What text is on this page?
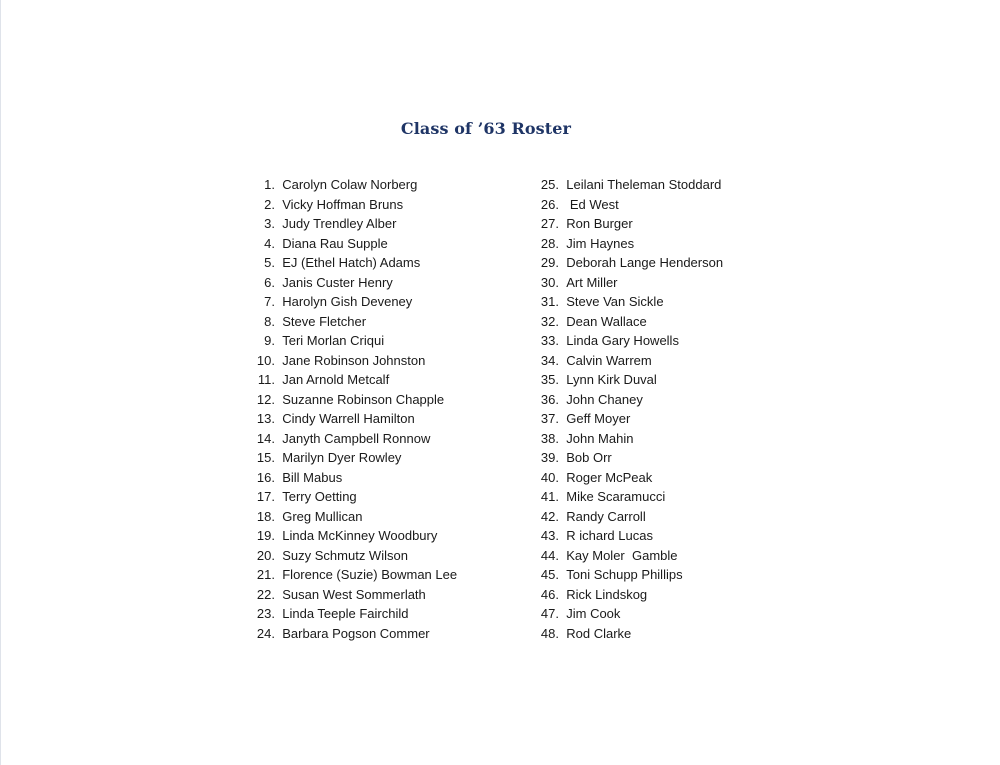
Class of ’63 Roster
1. Carolyn Colaw Norberg
2. Vicky Hoffman Bruns
3. Judy Trendley Alber
4. Diana Rau Supple
5. EJ (Ethel Hatch) Adams
6. Janis Custer Henry
7. Harolyn Gish Deveney
8. Steve Fletcher
9. Teri Morlan Criqui
10. Jane Robinson Johnston
11. Jan Arnold Metcalf
12. Suzanne Robinson Chapple
13. Cindy Warrell Hamilton
14. Janyth Campbell Ronnow
15. Marilyn Dyer Rowley
16. Bill Mabus
17. Terry Oetting
18. Greg Mullican
19. Linda McKinney Woodbury
20. Suzy Schmutz Wilson
21. Florence (Suzie) Bowman Lee
22. Susan West Sommerlath
23. Linda Teeple Fairchild
24. Barbara Pogson Commer
25. Leilani Theleman Stoddard
26.   Ed West
27. Ron Burger
28. Jim Haynes
29. Deborah Lange Henderson
30. Art Miller
31. Steve Van Sickle
32. Dean Wallace
33. Linda Gary Howells
34. Calvin Warrem
35. Lynn Kirk Duval
36. John Chaney
37. Geff Moyer
38. John Mahin
39. Bob Orr
40. Roger McPeak
41. Mike Scaramucci
42. Randy Carroll
43. R ichard Lucas
44. Kay Moler  Gamble
45. Toni Schupp Phillips
46. Rick Lindskog
47. Jim Cook
48. Rod Clarke
